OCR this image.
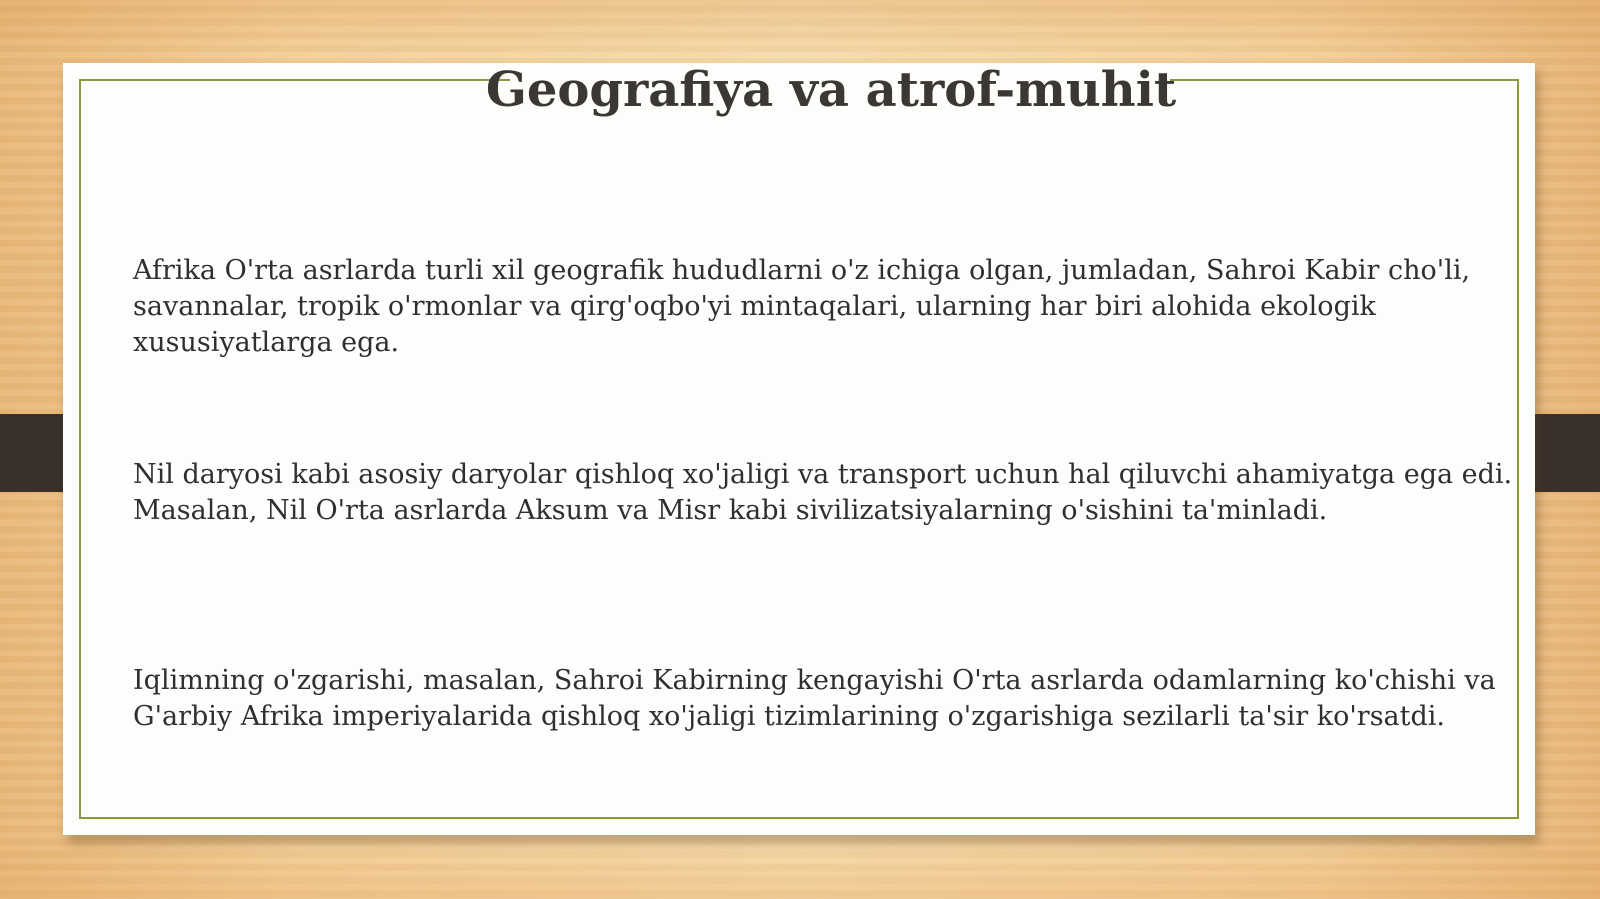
Geografiya va atrof-muhit

Afrika O'rta asrlarda turli xil geografik hududlarni o'z ichiga olgan, jumladan, Sahroi Kabir cho'li, savannalar, tropik o'rmonlar va qirg'oqbo'yi mintaqalari, ularning har biri alohida ekologik xususiyatlarga ega.

Nil daryosi kabi asosiy daryolar qishloq xo'jaligi va transport uchun hal qiluvchi ahamiyatga ega edi. Masalan, Nil O'rta asrlarda Aksum va Misr kabi sivilizatsiyalarning o'sishini ta'minladi.

Iqlimning o'zgarishi, masalan, Sahroi Kabirning kengayishi O'rta asrlarda odamlarning ko'chishi va G'arbiy Afrika imperiyalarida qishloq xo'jaligi tizimlarining o'zgarishiga sezilarli ta'sir ko'rsatdi.
